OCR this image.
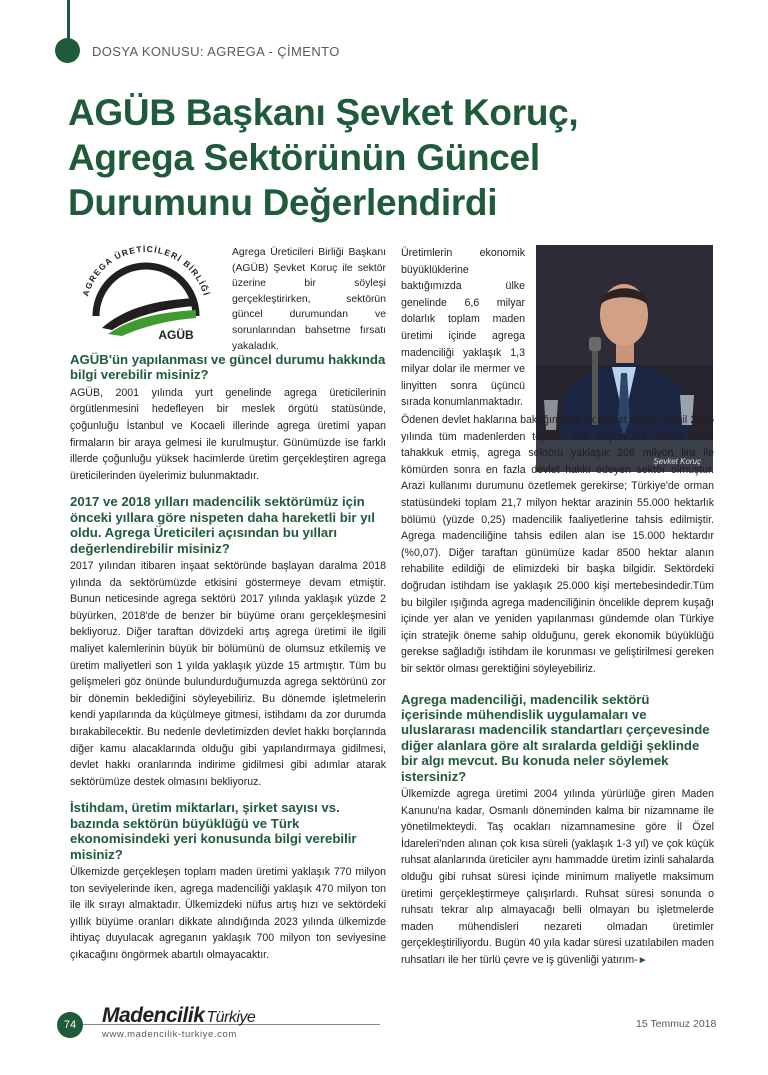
DOSYA KONUSU: AGREGA - ÇİMENTO
AGÜB Başkanı Şevket Koruç,
Agrega Sektörünün Güncel
Durumunu Değerlendirdi
AGREGA ÜRETİCİLERİ BİRLİĞİ
AGÜB

Agrega Üreticileri Birliği Başkanı (AGÜB) Şevket Koruç ile sektör üzerine bir söyleşi gerçekleştirirken, sektörün güncel durumundan ve sorunlarından bahsetme fırsatı yakaladık.

AGÜB'ün yapılanması ve güncel durumu hakkında bilgi verebilir misiniz?

AGÜB, 2001 yılında yurt genelinde agrega üreticilerinin örgütlenmesini hedefleyen bir meslek örgütü statüsünde, çoğunluğu İstanbul ve Kocaeli illerinde agrega üretimi yapan firmaların bir araya gelmesi ile kurulmuştur. Günümüzde ise farklı illerde çoğunluğu yüksek hacimlerde üretim gerçekleştiren agrega üreticilerinden üyelerimiz bulunmaktadır.

2017 ve 2018 yılları madencilik sektörümüz için önceki yıllara göre nispeten daha hareketli bir yıl oldu. Agrega Üreticileri açısından bu yılları değerlendirebilir misiniz?

2017 yılından itibaren inşaat sektöründe başlayan daralma 2018 yılında da sektörümüzde etkisini göstermeye devam etmiştir. Bunun neticesinde agrega sektörü 2017 yılında yaklaşık yüzde 2 büyürken, 2018'de de benzer bir büyüme oranı gerçekleşmesini bekliyoruz. Diğer taraftan dövizdeki artış agrega üretimi ile ilgili maliyet kalemlerinin büyük bir bölümünü de olumsuz etkilemiş ve üretim maliyetleri son 1 yılda yaklaşık yüzde 15 artmıştır. Tüm bu gelişmeleri göz önünde bulundurduğumuzda agrega sektörünü zor bir dönemin beklediğini söyleyebiliriz. Bu dönemde işletmelerin kendi yapılarında da küçülmeye gitmesi, istihdamı da zor durumda bırakabilecektir. Bu nedenle devletimizden devlet hakkı borçlarında diğer kamu alacaklarında olduğu gibi yapılandırmaya gidilmesi, devlet hakkı oranlarında indirime gidilmesi gibi adımlar atarak sektörümüze destek olmasını bekliyoruz.

İstihdam, üretim miktarları, şirket sayısı vs. bazında sektörün büyüklüğü ve Türk ekonomisindeki yeri konusunda bilgi verebilir misiniz?

Ülkemizde gerçekleşen toplam maden üretimi yaklaşık 770 milyon ton seviyelerinde iken, agrega madenciliği yaklaşık 470 milyon ton ile ilk sırayı almaktadır. Ülkemizdeki nüfus artış hızı ve sektördeki yıllık büyüme oranları dikkate alındığında 2023 yılında ülkemizde ihtiyaç duyulacak agreganın yaklaşık 700 milyon ton seviyesine çıkacağını öngörmek abartılı olmayacaktır.

Şevket Koruç

Üretimlerin ekonomik büyüklüklerine baktığımızda ülke genelinde 6,6 milyar dolarlık toplam maden üretimi içinde agrega madenciliği yaklaşık 1,3 milyar dolar ile mermer ve linyitten sonra üçüncü sırada konumlanmaktadır.

Ödenen devlet haklarına baktığımızda ek devlet hakları dahil 2016 yılında tüm madenlerden toplam 738 milyon lira devlet hakkı tahakkuk etmiş, agrega sektörü yaklaşık 208 milyon lira ile kömürden sonra en fazla devlet hakkı ödeyen sektör olmuştur. Arazi kullanımı durumunu özetlemek gerekirse; Türkiye'de orman statüsündeki toplam 21,7 milyon hektar arazinin 55.000 hektarlık bölümü (yüzde 0,25) madencilik faaliyetlerine tahsis edilmiştir. Agrega madenciliğine tahsis edilen alan ise 15.000 hektardır (%0,07). Diğer taraftan günümüze kadar 8500 hektar alanın rehabilite edildiği de elimizdeki bir başka bilgidir. Sektördeki doğrudan istihdam ise yaklaşık 25.000 kişi mertebesindedir.Tüm bu bilgiler ışığında agrega madenciliğinin öncelikle deprem kuşağı içinde yer alan ve yeniden yapılanması gündemde olan Türkiye için stratejik öneme sahip olduğunu, gerek ekonomik büyüklüğü gerekse sağladığı istihdam ile korunması ve geliştirilmesi gereken bir sektör olması gerektiğini söyleyebiliriz.

Agrega madenciliği, madencilik sektörü içerisinde mühendislik uygulamaları ve uluslararası madencilik standartları çerçevesinde diğer alanlara göre alt sıralarda geldiği şeklinde bir algı mevcut. Bu konuda neler söylemek istersiniz?

Ülkemizde agrega üretimi 2004 yılında yürürlüğe giren Maden Kanunu'na kadar, Osmanlı döneminden kalma bir nizamname ile yönetilmekteydi. Taş ocakları nizamnamesine göre İl Özel İdareleri'nden alınan çok kısa süreli (yaklaşık 1-3 yıl) ve çok küçük ruhsat alanlarında üreticiler aynı hammadde üretim izinli sahalarda olduğu gibi ruhsat süresi içinde minimum maliyetle maksimum üretimi gerçekleştirmeye çalışırlardı. Ruhsat süresi sonunda o ruhsatı tekrar alıp almayacağı belli olmayan bu işletmelerde maden mühendisleri nezareti olmadan üretimler gerçekleştiriliyordu. Bugün 40 yıla kadar süresi uzatılabilen maden ruhsatları ile her türlü çevre ve iş güvenliği yatırım-►

74	Madencilik Türkiye
www.madencilik-turkiye.com
15 Temmuz 2018
